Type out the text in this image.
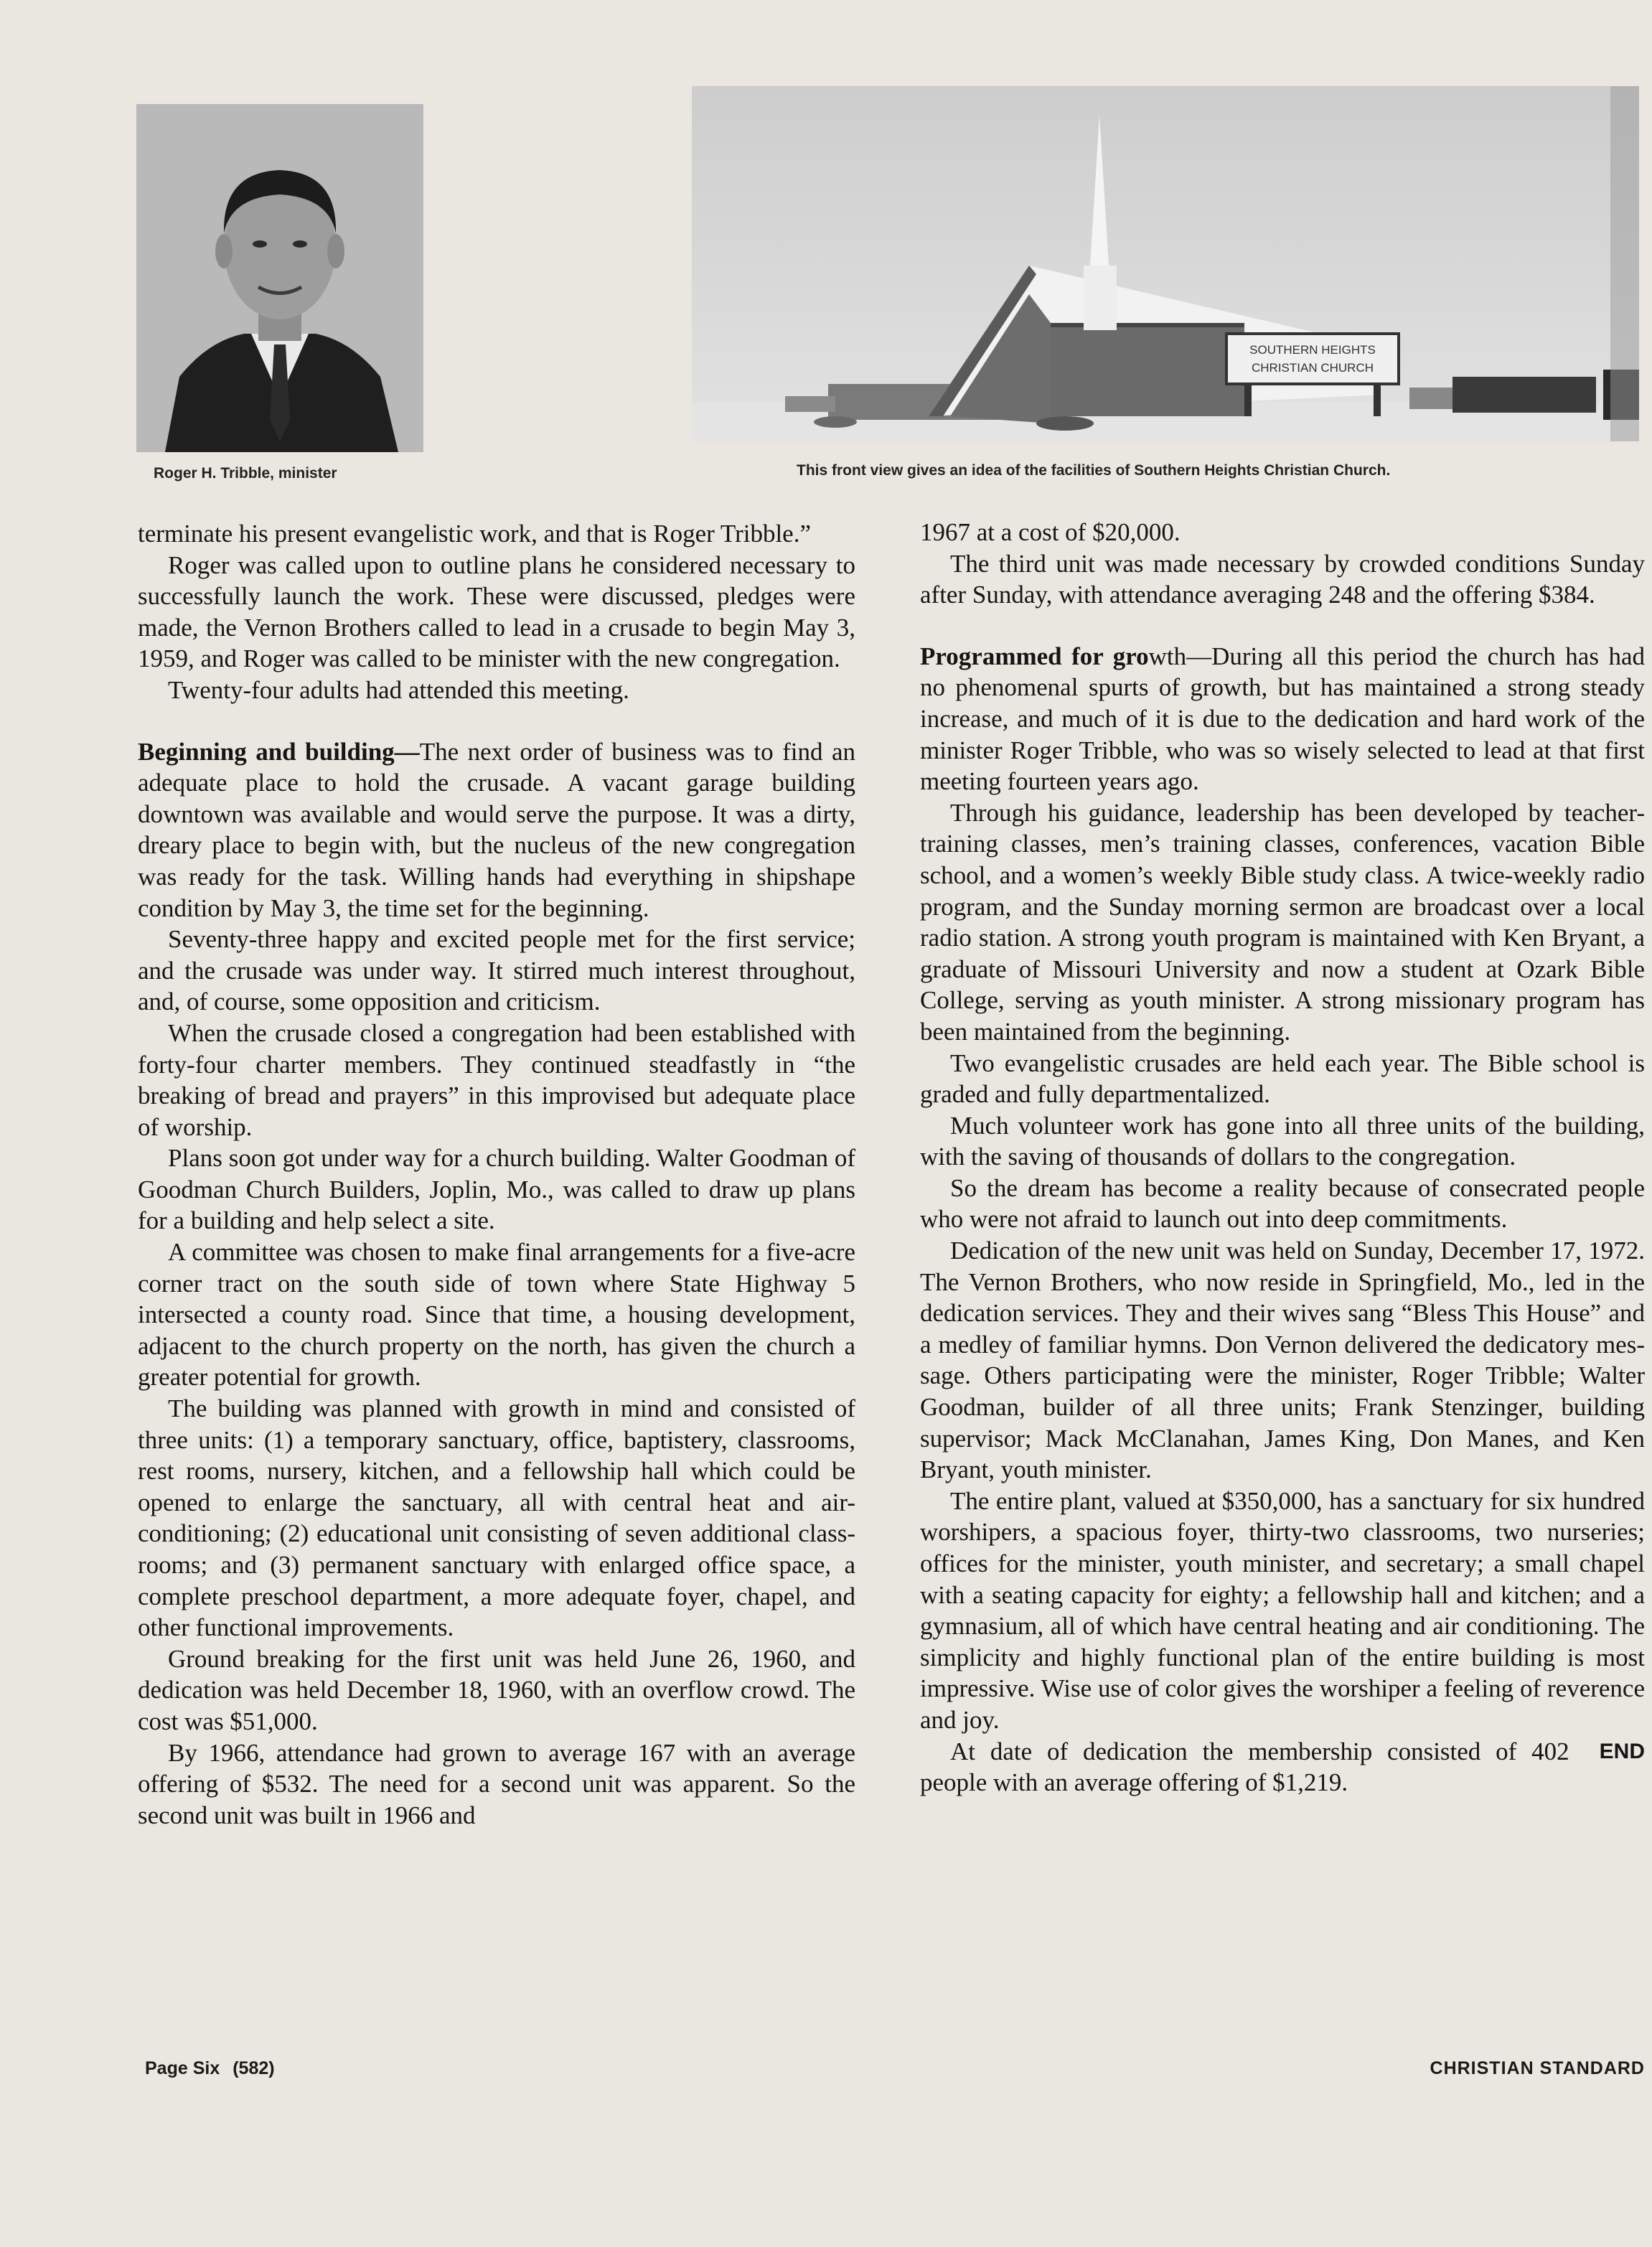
Roger H. Tribble, minister
SOUTHERN HEIGHTS
CHRISTIAN CHURCH
This front view gives an idea of the facilities of Southern Heights Christian Church.

terminate his present evangelistic work, and that is Roger Tribble.”

Roger was called upon to outline plans he considered necessary to successfully launch the work. These were discussed, pledges were made, the Vernon Brothers called to lead in a crusade to begin May 3, 1959, and Roger was called to be minister with the new congregation.

Twenty-four adults had attended this meeting.

Beginning and building—The next order of business was to find an adequate place to hold the crusade. A vacant garage building downtown was available and would serve the purpose. It was a dirty, dreary place to begin with, but the nucleus of the new congregation was ready for the task. Willing hands had everything in shipshape condition by May 3, the time set for the beginning.

Seventy-three happy and excited people met for the first service; and the crusade was under way. It stirred much interest throughout, and, of course, some opposition and criticism.

When the crusade closed a congregation had been established with forty-four charter members. They continued steadfastly in “the breaking of bread and prayers” in this improvised but adequate place of worship.

Plans soon got under way for a church building. Walter Goodman of Goodman Church Builders, Joplin, Mo., was called to draw up plans for a building and help select a site.

A committee was chosen to make final arrangements for a five-acre corner tract on the south side of town where State Highway 5 intersected a county road. Since that time, a housing development, adjacent to the church property on the north, has given the church a greater potential for growth.

The building was planned with growth in mind and consisted of three units: (1) a temporary sanctuary, office, baptistery, classrooms, rest rooms, nursery, kitchen, and a fellowship hall which could be opened to enlarge the sanctuary, all with central heat and air-conditioning; (2) educational unit consisting of seven additional classrooms; and (3) permanent sanctuary with enlarged office space, a complete preschool department, a more adequate foyer, chapel, and other functional improvements.

Ground breaking for the first unit was held June 26, 1960, and dedication was held December 18, 1960, with an overflow crowd. The cost was $51,000.

By 1966, attendance had grown to average 167 with an average offering of $532. The need for a second unit was apparent. So the second unit was built in 1966 and

1967 at a cost of $20,000.

The third unit was made necessary by crowded conditions Sunday after Sunday, with attendance averaging 248 and the offering $384.

Programmed for growth—During all this period the church has had no phenomenal spurts of growth, but has maintained a strong steady increase, and much of it is due to the dedication and hard work of the minister Roger Tribble, who was so wisely selected to lead at that first meeting fourteen years ago.

Through his guidance, leadership has been developed by teacher-training classes, men’s training classes, conferences, vacation Bible school, and a women’s weekly Bible study class. A twice-weekly radio program, and the Sunday morning sermon are broadcast over a local radio station. A strong youth program is maintained with Ken Bryant, a graduate of Missouri University and now a student at Ozark Bible College, serving as youth minister. A strong missionary program has been maintained from the beginning.

Two evangelistic crusades are held each year. The Bible school is graded and fully departmentalized.

Much volunteer work has gone into all three units of the building, with the saving of thousands of dollars to the congregation.

So the dream has become a reality because of consecrated people who were not afraid to launch out into deep commitments.

Dedication of the new unit was held on Sunday, December 17, 1972. The Vernon Brothers, who now reside in Springfield, Mo., led in the dedication services. They and their wives sang “Bless This House” and a medley of familiar hymns. Don Vernon delivered the dedicatory message. Others participating were the minister, Roger Tribble; Walter Goodman, builder of all three units; Frank Stenzinger, building supervisor; Mack McClanahan, James King, Don Manes, and Ken Bryant, youth minister.

The entire plant, valued at $350,000, has a sanctuary for six hundred worshipers, a spacious foyer, thirty-two classrooms, two nurseries; offices for the minister, youth minister, and secretary; a small chapel with a seating capacity for eighty; a fellowship hall and kitchen; and a gymnasium, all of which have central heating and air conditioning. The simplicity and highly functional plan of the entire building is most impressive. Wise use of color gives the worshiper a feeling of reverence and joy.

END
At date of dedication the membership consisted of 402 people with an average offering of $1,219.

Page Six (582)	CHRISTIAN STANDARD
